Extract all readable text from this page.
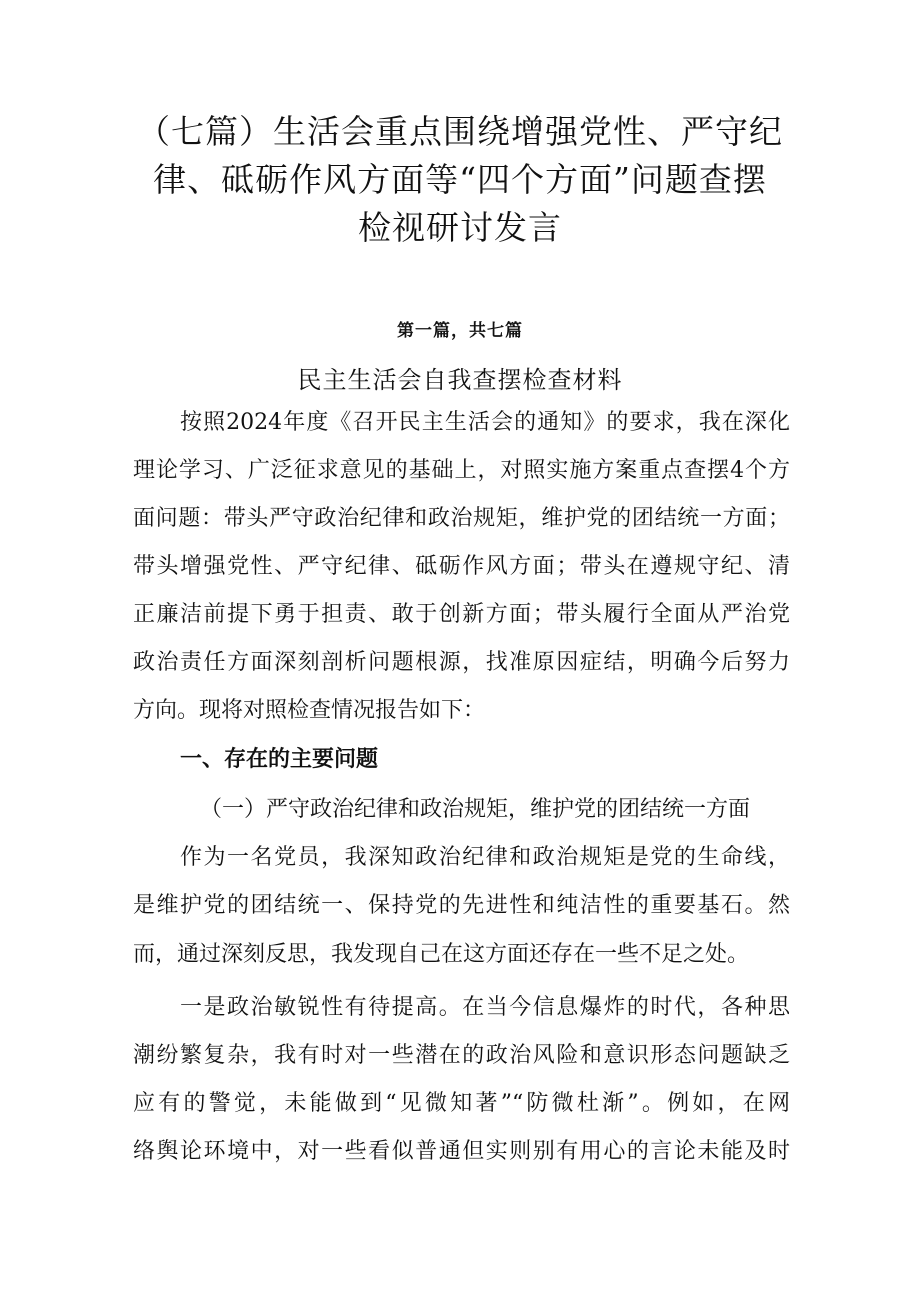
（七篇）生活会重点围绕增强党性、严守纪
律、砥砺作风方面等“四个方面”问题查摆
检视研讨发言
第一篇，共七篇
民主生活会自我查摆检查材料
按照2024年度《召开民主生活会的通知》的要求，我在深化
理论学习、广泛征求意见的基础上，对照实施方案重点查摆4个方
面问题：带头严守政治纪律和政治规矩，维护党的团结统一方面；
带头增强党性、严守纪律、砥砺作风方面；带头在遵规守纪、清
正廉洁前提下勇于担责、敢于创新方面；带头履行全面从严治党
政治责任方面深刻剖析问题根源，找准原因症结，明确今后努力
方向。现将对照检查情况报告如下：
一、存在的主要问题
（一）严守政治纪律和政治规矩，维护党的团结统一方面
作为一名党员，我深知政治纪律和政治规矩是党的生命线，
是维护党的团结统一、保持党的先进性和纯洁性的重要基石。然
而，通过深刻反思，我发现自己在这方面还存在一些不足之处。
一是政治敏锐性有待提高。在当今信息爆炸的时代，各种思
潮纷繁复杂，我有时对一些潜在的政治风险和意识形态问题缺乏
应有的警觉，未能做到“见微知著”“防微杜渐”。例如，在网
络舆论环境中，对一些看似普通但实则别有用心的言论未能及时
